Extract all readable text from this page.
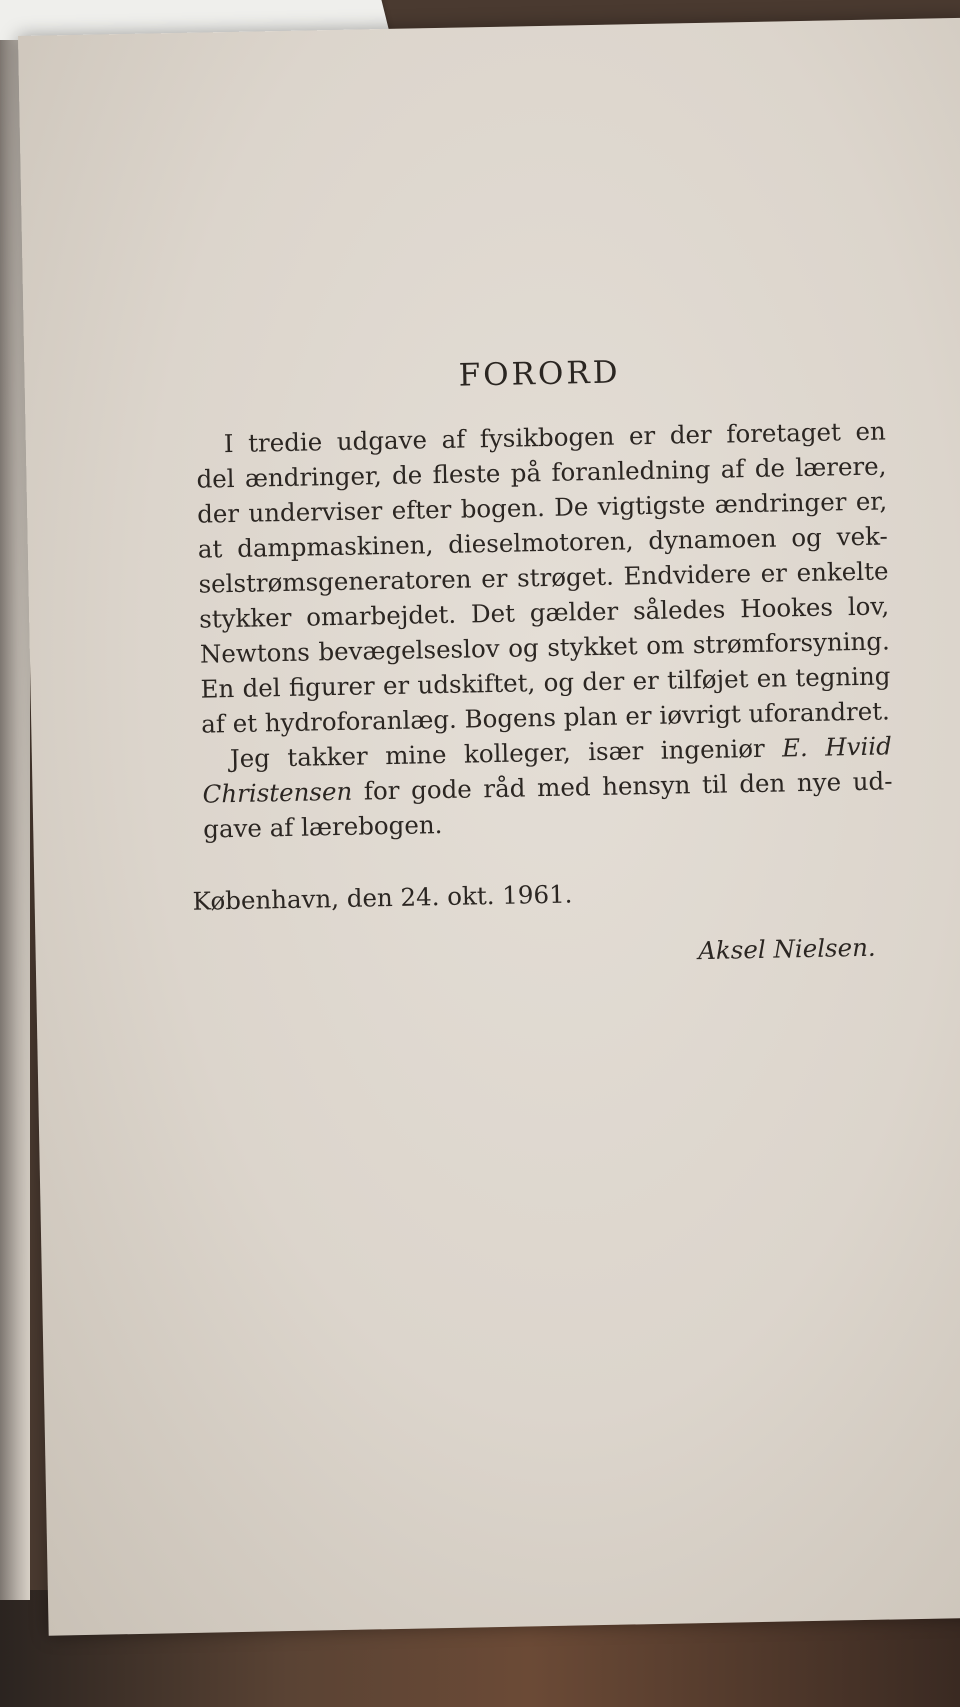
FORORD

I tredie udgave af fysikbogen er der foretaget en
del ændringer, de fleste på foranledning af de lærere,
der underviser efter bogen. De vigtigste ændringer er,
at dampmaskinen, dieselmotoren, dynamoen og vek-
selstrømsgeneratoren er strøget. Endvidere er enkelte
stykker omarbejdet. Det gælder således Hookes lov,
Newtons bevægelseslov og stykket om strømforsyning.
En del figurer er udskiftet, og der er tilføjet en tegning
af et hydroforanlæg. Bogens plan er iøvrigt uforandret.

Jeg takker mine kolleger, især ingeniør E. Hviid
Christensen for gode råd med hensyn til den nye ud-
gave af lærebogen.

København, den 24. okt. 1961.
Aksel Nielsen.
